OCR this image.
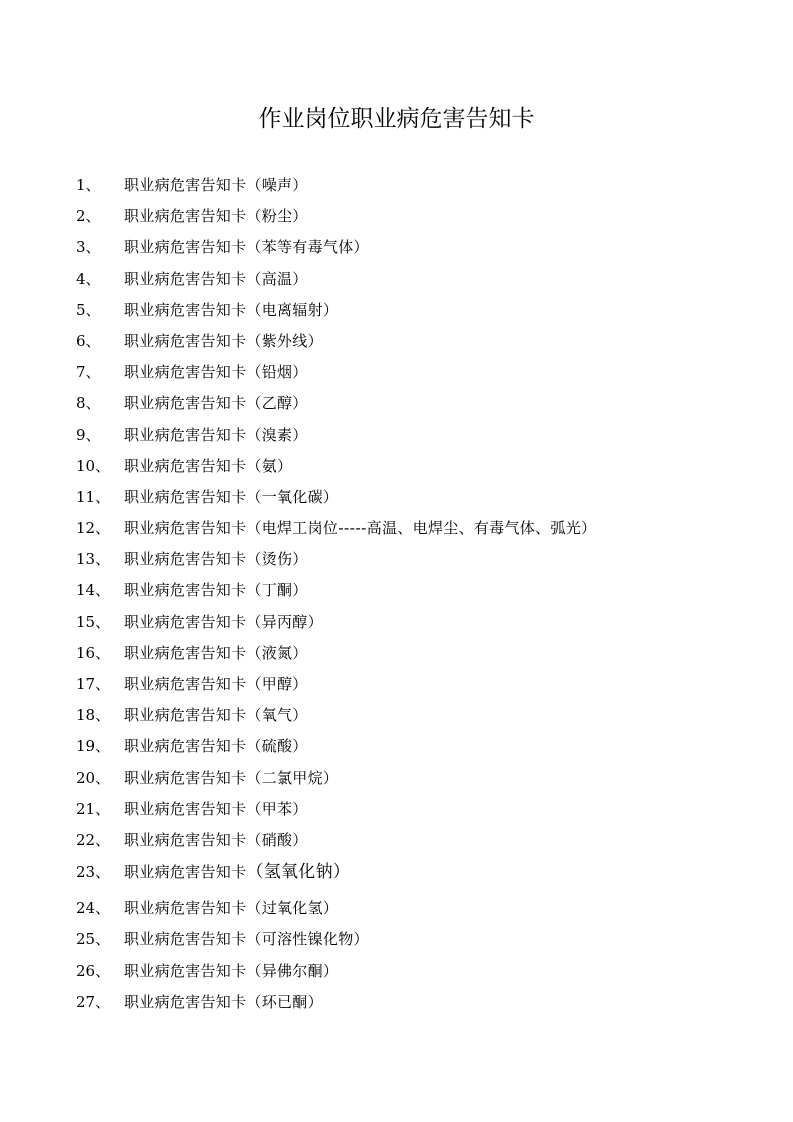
作业岗位职业病危害告知卡
1、 职业病危害告知卡（噪声）
2、 职业病危害告知卡（粉尘）
3、 职业病危害告知卡（苯等有毒气体）
4、 职业病危害告知卡（高温）
5、 职业病危害告知卡（电离辐射）
6、 职业病危害告知卡（紫外线）
7、 职业病危害告知卡（铅烟）
8、 职业病危害告知卡（乙醇）
9、 职业病危害告知卡（溴素）
10、 职业病危害告知卡（氨）
11、 职业病危害告知卡（一氧化碳）
12、 职业病危害告知卡（电焊工岗位-----高温、电焊尘、有毒气体、弧光）
13、 职业病危害告知卡（烫伤）
14、 职业病危害告知卡（丁酮）
15、 职业病危害告知卡（异丙醇）
16、 职业病危害告知卡（液氮）
17、 职业病危害告知卡（甲醇）
18、 职业病危害告知卡（氧气）
19、 职业病危害告知卡（硫酸）
20、 职业病危害告知卡（二氯甲烷）
21、 职业病危害告知卡（甲苯）
22、 职业病危害告知卡（硝酸）
23、 职业病危害告知卡（氢氧化钠）
24、 职业病危害告知卡（过氧化氢）
25、 职业病危害告知卡（可溶性镍化物）
26、 职业病危害告知卡（异佛尔酮）
27、 职业病危害告知卡（环已酮）
